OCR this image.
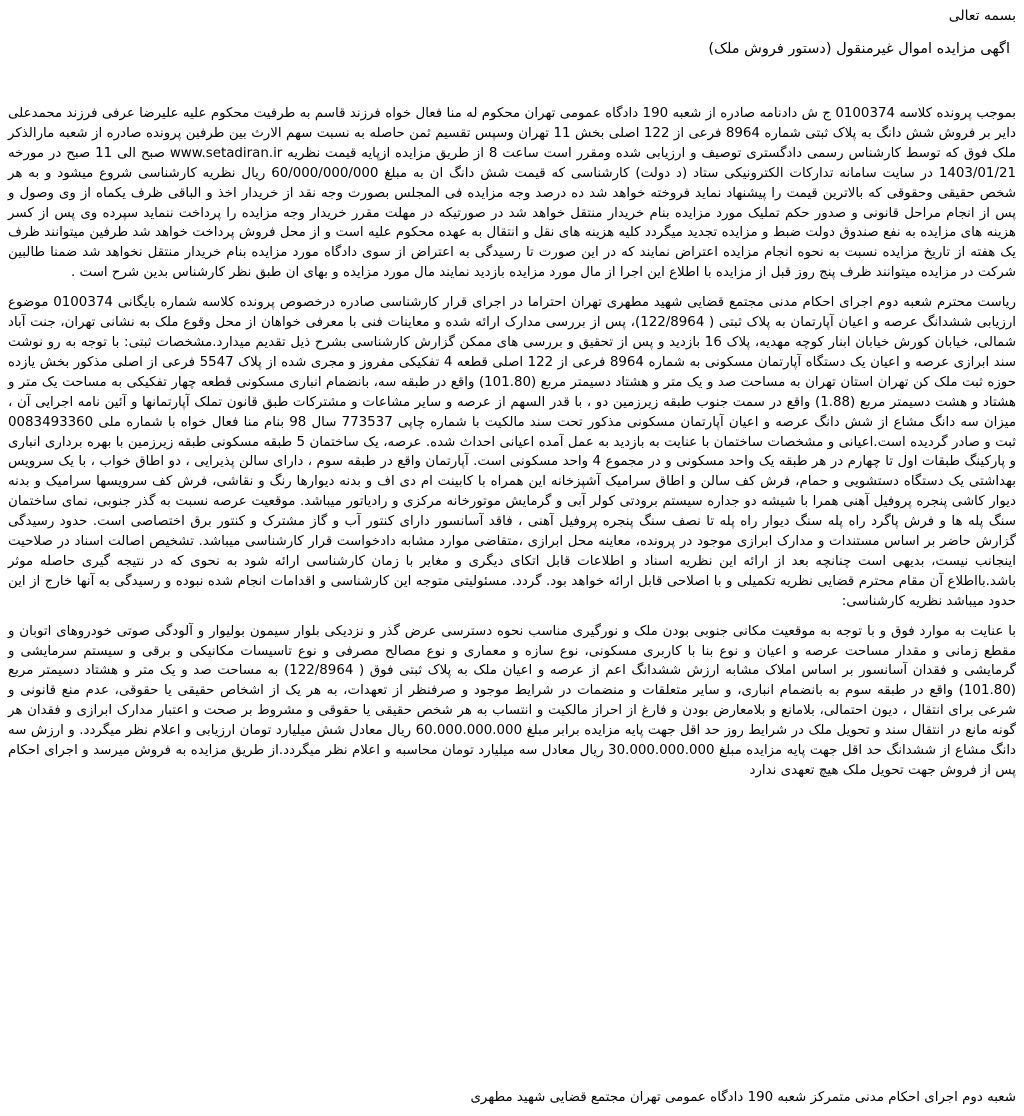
بسمه تعالی

اگهی مزایده اموال غیرمنقول (دستور فروش ملک)

بموجب پرونده کلاسه 0100374 ج ش دادنامه صادره از شعبه 190 دادگاه عمومی تهران محکوم له منا فعال خواه فرزند قاسم به طرفیت محکوم علیه علیرضا عرفی فرزند محمدعلی دایر بر فروش شش دانگ به پلاک ثبتی شماره 8964 فرعی از 122 اصلی بخش 11 تهران وسپس تقسیم ثمن حاصله به نسبت سهم الارث بین طرفین پرونده صادره از شعبه مارالذکر ملک فوق که توسط کارشناس رسمی دادگستری توصیف و ارزیابی شده ومقرر است ساعت 8 از طریق مزایده ازپایه قیمت نظریه www.setadiran.ir صبح الی 11 صبح در مورخه 1403/01/21 در سایت سامانه تدارکات الکترونیکی ستاد (د دولت) کارشناسی که قیمت شش دانگ ان به مبلغ 60/000/000/000 ریال نظریه کارشناسی شروع میشود و به هر شخص حقیقی وحقوقی که بالاترین قیمت را پیشنهاد نماید فروخته خواهد شد ده درصد وجه مزایده فی المجلس بصورت وجه نقد از خریدار اخذ و الباقی ظرف یکماه از وی وصول و پس از انجام مراحل قانونی و صدور حکم تملیک مورد مزایده بنام خریدار منتقل خواهد شد در صورتیکه در مهلت مقرر خریدار وجه مزایده را پرداخت ننماید سپرده وی پس از کسر هزینه های مزایده به نفع صندوق دولت ضبط و مزایده تجدید میگردد کلیه هزینه های نقل و انتقال به عهده محکوم علیه است و از محل فروش پرداخت خواهد شد طرفین میتوانند ظرف یک هفته از تاریخ مزایده نسبت به نحوه انجام مزایده اعتراض نمایند که در این صورت تا رسیدگی به اعتراض از سوی دادگاه مورد مزایده بنام خریدار منتقل نخواهد شد ضمنا طالبین شرکت در مزایده میتوانند ظرف پنج روز قبل از مزایده با اطلاع این اجرا از مال مورد مزایده بازدید نمایند مال مورد مزایده و بهای ان طبق نظر کارشناس بدین شرح است .

ریاست محترم شعبه دوم اجرای احکام مدنی مجتمع قضایی شهید مطهری تهران احتراما در اجرای قرار کارشناسی صادره درخصوص پرونده کلاسه شماره بایگانی 0100374 موضوع ارزیابی ششدانگ عرصه و اعیان آپارتمان به پلاک ثبتی ( 122/8964)، پس از بررسی مدارک ارائه شده و معاینات فنی با معرفی خواهان از محل وقوع ملک به نشانی تهران، جنت آباد شمالی، خیابان کورش خیابان ابنار کوچه مهدیه، پلاک 16 بازدید و پس از تحقیق و بررسی های ممکن گزارش کارشناسی بشرح ذیل تقدیم میدارد.مشخصات ثبتی: با توجه به رو نوشت سند ابرازی عرصه و اعیان یک دستگاه آپارتمان مسکونی به شماره 8964 فرعی از 122 اصلی قطعه 4 تفکیکی مفروز و مجری شده از پلاک 5547 فرعی از اصلی مذکور بخش یازده حوزه ثبت ملک کن تهران استان تهران به مساحت صد و یک متر و هشتاد دسیمتر مربع (101.80) واقع در طبقه سه، بانضمام انباری مسکونی قطعه چهار تفکیکی به مساحت یک متر و هشتاد و هشت دسیمتر مربع (1.88) واقع در سمت جنوب طبقه زیرزمین دو ، با قدر السهم از عرصه و سایر مشاعات و مشترکات طبق قانون تملک آپارتمانها و آئین نامه اجرایی آن ، میزان سه دانگ مشاع از شش دانگ عرصه و اعیان آپارتمان مسکونی مذکور تحت سند مالکیت با شماره چاپی 773537 سال 98 بنام منا فعال خواه با شماره ملی 0083493360 ثبت و صادر گردیده است.اعیانی و مشخصات ساختمان با عنایت به بازدید به عمل آمده اعیانی احداث شده. عرصه، یک ساختمان 5 طبقه مسکونی طبقه زیرزمین با بهره برداری انباری و پارکینگ طبقات اول تا چهارم در هر طبقه یک واحد مسکونی و در مجموع 4 واحد مسکونی است. آپارتمان واقع در طبقه سوم ، دارای سالن پذیرایی ، دو اطاق خواب ، با یک سرویس بهداشتی یک دستگاه دستشویی و حمام، فرش کف سالن و اطاق سرامیک آشپزخانه این همراه با کابینت ام دی اف و بدنه دیوارها رنگ و نقاشی، فرش کف سرویسها سرامیک و بدنه دیوار کاشی پنجره پروفیل آهنی همرا با شیشه دو جداره سیستم برودتی کولر آبی و گرمایش موتورخانه مرکزی و رادیاتور میباشد. موقعیت عرصه نسبت به گذر جنوبی، نمای ساختمان سنگ پله ها و فرش پاگرد راه پله سنگ دیوار راه پله تا نصف سنگ پنجره پروفیل آهنی ، فاقد آسانسور دارای کنتور آب و گاز مشترک و کنتور برق اختصاصی است. حدود رسیدگی گزارش حاضر بر اساس مستندات و مدارک ابرازی موجود در پرونده، معاینه محل ابرازی ،متقاضی موارد مشابه دادخواست قرار کارشناسی میباشد. تشخیص اصالت اسناد در صلاحیت اینجانب نیست، بدیهی است چنانچه بعد از ارائه این نظریه اسناد و اطلاعات قابل اتکای دیگری و مغایر با زمان کارشناسی ارائه شود به نحوی که در نتیجه گیری حاصله موثر باشد.بااطلاع آن مقام محترم قضایی نظریه تکمیلی و با اصلاحی قابل ارائه خواهد بود. گردد. مسئولیتی متوجه این کارشناسی و اقدامات انجام شده نبوده و رسیدگی به آنها خارج از این حدود میباشد نظریه کارشناسی:

با عنایت به موارد فوق و با توجه به موقعیت مکانی جنوبی بودن ملک و نورگیری مناسب نحوه دسترسی عرض گذر و نزدیکی بلوار سیمون بولیوار و آلودگی صوتی خودروهای اتوبان و مقطع زمانی و مقدار مساحت عرصه و اعیان و نوع بنا با کاربری مسکونی، نوع سازه و معماری و نوع مصالح مصرفی و نوع تاسیسات مکانیکی و برقی و سیستم سرمایشی و گرمایشی و فقدان آسانسور بر اساس املاک مشابه ارزش ششدانگ اعم از عرصه و اعیان ملک به پلاک ثبتی فوق ( 122/8964) به مساحت صد و یک متر و هشتاد دسیمتر مربع (101.80) واقع در طبقه سوم به بانضمام انباری، و سایر متعلقات و منضمات در شرایط موجود و صرفنظر از تعهدات، به هر یک از اشخاص حقیقی یا حقوقی، عدم منع قانونی و شرعی برای انتقال ، دیون احتمالی، بلامانع و بلامعارض بودن و فارغ از احراز مالکیت و انتساب به هر شخص حقیقی یا حقوقی و مشروط بر صحت و اعتبار مدارک ابرازی و فقدان هر گونه مانع در انتقال سند و تحویل ملک در شرایط روز حد اقل جهت پایه مزایده برابر مبلغ 60.000.000.000 ریال معادل شش میلیارد تومان ارزیابی و اعلام نظر میگردد. و ارزش سه دانگ مشاع از ششدانگ حد اقل جهت پایه مزایده مبلغ 30.000.000.000 ریال معادل سه میلیارد تومان محاسبه و اعلام نظر میگردد.از طریق مزایده به فروش میرسد و اجرای احکام پس از فروش جهت تحویل ملک هیچ تعهدی ندارد

شعبه دوم اجرای احکام مدنی متمرکز شعبه 190 دادگاه عمومی تهران مجتمع قضایی شهید مطهری
